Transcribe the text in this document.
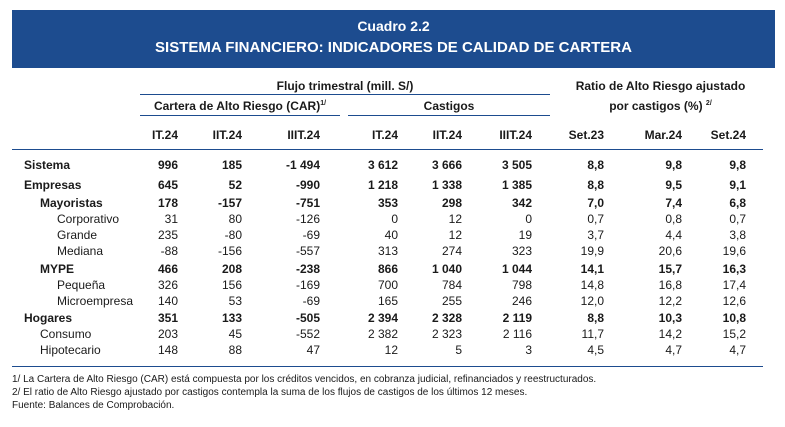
Cuadro 2.2
SISTEMA FINANCIERO: INDICADORES DE CALIDAD DE CARTERA
Flujo trimestral (mill. S/)
Cartera de Alto Riesgo (CAR)$^{1/}$	Castigos
Ratio de Alto Riesgo ajustado
por castigos (%) $^{2/}$
IT.24	IIT.24	IIIT.24	IT.24	IIT.24	IIIT.24	Set.23	Mar.24	Set.24
Sistema	996	185	-1 494	3 612	3 666	3 505	8,8	9,8	9,8
Empresas	645	52	-990	1 218	1 338	1 385	8,8	9,5	9,1
Mayoristas	178	-157	-751	353	298	342	7,0	7,4	6,8
Corporativo	31	80	-126	0	12	0	0,7	0,8	0,7
Grande	235	-80	-69	40	12	19	3,7	4,4	3,8
Mediana	-88	-156	-557	313	274	323	19,9	20,6	19,6
MYPE	466	208	-238	866	1 040	1 044	14,1	15,7	16,3
Pequeña	326	156	-169	700	784	798	14,8	16,8	17,4
Microempresa	140	53	-69	165	255	246	12,0	12,2	12,6
Hogares	351	133	-505	2 394	2 328	2 119	8,8	10,3	10,8
Consumo	203	45	-552	2 382	2 323	2 116	11,7	14,2	15,2
Hipotecario	148	88	47	12	5	3	4,5	4,7	4,7
1/ La Cartera de Alto Riesgo (CAR) está compuesta por los créditos vencidos, en cobranza judicial, refinanciados y reestructurados.
2/ El ratio de Alto Riesgo ajustado por castigos contempla la suma de los flujos de castigos de los últimos 12 meses.
Fuente: Balances de Comprobación.
